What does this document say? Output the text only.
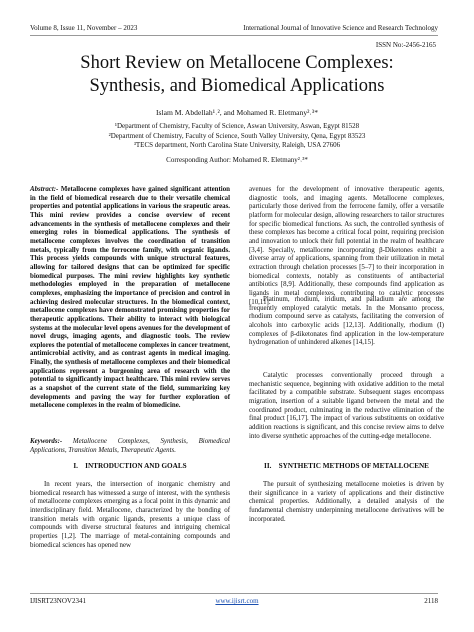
Volume 8, Issue 11, November – 2023	International Journal of Innovative Science and Research Technology
ISSN No:-2456-2165
Short Review on Metallocene Complexes:
Synthesis, and Biomedical Applications
Islam M. Abdellah¹˒², and Mohamed R. Eletmany²˒³*
¹Department of Chemistry, Faculty of Science, Aswan University, Aswan, Egypt 81528
²Department of Chemistry, Faculty of Science, South Valley University, Qena, Egypt 83523
³TECS department, North Carolina State University, Raleigh, USA 27606
Corresponding Author: Mohamed R. Eletmany²˒³*
Abstract:- Metallocene complexes have gained significant attention in the field of biomedical research due to their versatile chemical properties and potential applications in various the srapeutic areas. This mini review provides a concise overview of recent advancements in the synthesis of metallocene complexes and their emerging roles in biomedical applications. The synthesis of metallocene complexes involves the coordination of transition metals, typically from the ferrocene family, with organic ligands. This process yields compounds with unique structural features, allowing for tailored designs that can be optimized for specific biomedical purposes. The mini review highlights key synthetic methodologies employed in the preparation of metallocene complexes, emphasizing the importance of precision and control in achieving desired molecular structures. In the biomedical context, metallocene complexes have demonstrated promising properties for therapeutic applications. Their ability to interact with biological systems at the molecular level opens avenues for the development of novel drugs, imaging agents, and diagnostic tools. The review explores the potential of metallocene complexes in cancer treatment, antimicrobial activity, and as contrast agents in medical imaging. Finally, the synthesis of metallocene complexes and their biomedical applications represent a burgeoning area of research with the potential to significantly impact healthcare. This mini review serves as a snapshot of the current state of the field, summarizing key developments and paving the way for further exploration of metallocene complexes in the realm of biomedicine.
Keywords:- Metallocene Complexes, Synthesis, Biomedical Applications, Transition Metals, Therapeutic Agents.
I. INTRODUCTION AND GOALS

In recent years, the intersection of inorganic chemistry and biomedical research has witnessed a surge of interest, with the synthesis of metallocene complexes emerging as a focal point in this dynamic and interdisciplinary field. Metallocene, characterized by the bonding of transition metals with organic ligands, presents a unique class of compounds with diverse structural features and intriguing chemical properties [1,2]. The marriage of metal-containing compounds and biomedical sciences has opened new

avenues for the development of innovative therapeutic agents, diagnostic tools, and imaging agents. Metallocene complexes, particularly those derived from the ferrocene family, offer a versatile platform for molecular design, allowing researchers to tailor structures for specific biomedical functions. As such, the controlled synthesis of these complexes has become a critical focal point, requiring precision and innovation to unlock their full potential in the realm of healthcare [3,4]. Specially, metallocene incorporating β-Diketones exhibit a diverse array of applications, spanning from their utilization in metal extraction through chelation processes [5–7] to their incorporation in biomedical contexts, notably as constituents of antibacterial antibiotics [8,9]. Additionally, these compounds find application as ligands in metal complexes, contributing to catalytic processes [10,11].

Platinum, rhodium, iridium, and palladium are among the frequently employed catalytic metals. In the Monsanto process, rhodium compound serve as catalysts, facilitating the conversion of alcohols into carboxylic acids [12,13]. Additionally, rhodium (I) complexes of β-diketonates find application in the low-temperature hydrogenation of unhindered alkenes [14,15].

Catalytic processes conventionally proceed through a mechanistic sequence, beginning with oxidative addition to the metal facilitated by a compatible substrate. Subsequent stages encompass migration, insertion of a suitable ligand between the metal and the coordinated product, culminating in the reductive elimination of the final product [16,17]. The impact of various substituents on oxidative addition reactions is significant, and this concise review aims to delve into diverse synthetic approaches of the cutting-edge metallocene.

II. SYNTHETIC METHODS OF METALLOCENE

The pursuit of synthesizing metallocene moieties is driven by their significance in a variety of applications and their distinctive chemical properties. Additionally, a detailed analysis of the fundamental chemistry underpinning metallocene derivatives will be incorporated.

IJISRT23NOV2341	www.ijisrt.com	2118
